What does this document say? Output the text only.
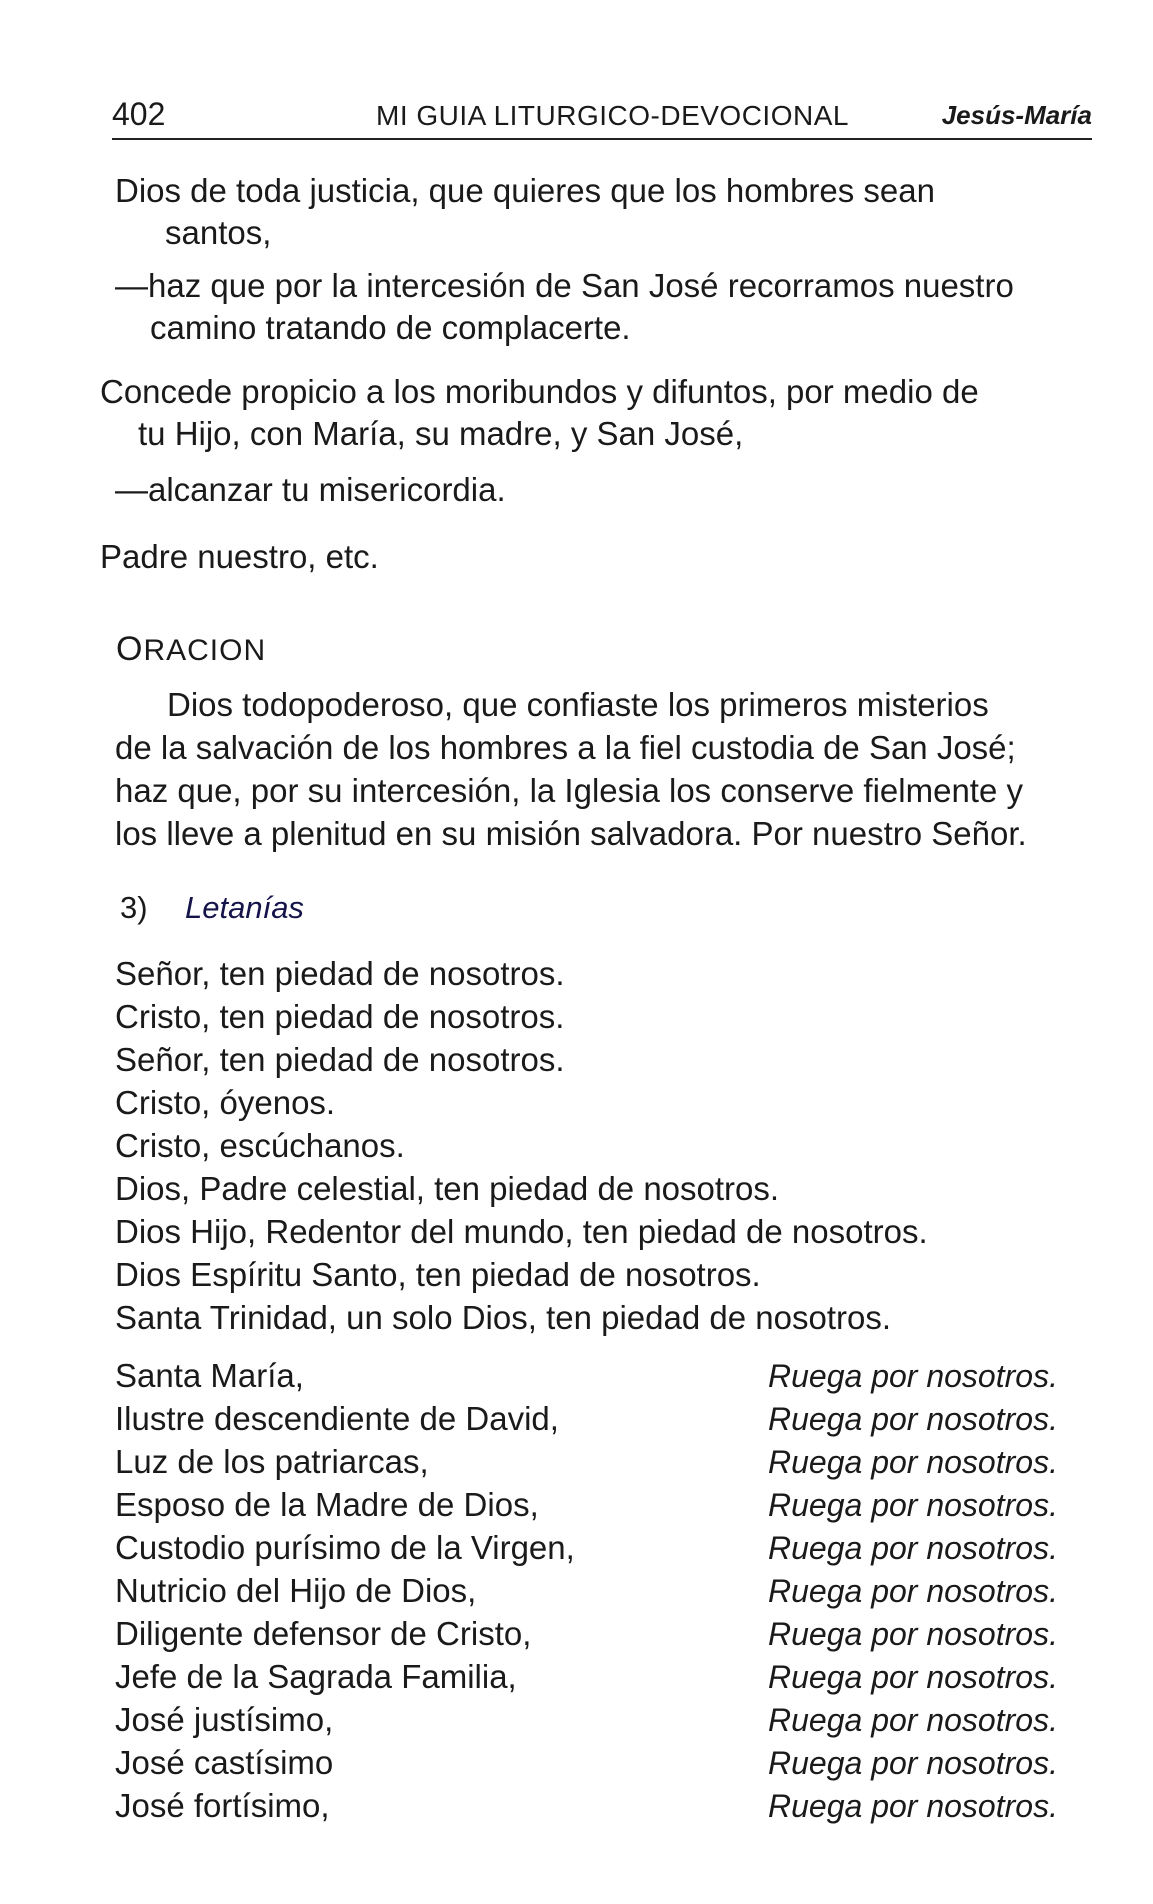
402	MI GUIA LITURGICO-DEVOCIONAL	Jesús-María
Dios de toda justicia, que quieres que los hombres sean
santos,
—haz que por la intercesión de San José recorramos nuestro
camino tratando de complacerte.
Concede propicio a los moribundos y difuntos, por medio de
tu Hijo, con María, su madre, y San José,
—alcanzar tu misericordia.
Padre nuestro, etc.
ORACION
Dios todopoderoso, que confiaste los primeros misterios
de la salvación de los hombres a la fiel custodia de San José;
haz que, por su intercesión, la Iglesia los conserve fielmente y
los lleve a plenitud en su misión salvadora. Por nuestro Señor.
3) Letanías
Señor, ten piedad de nosotros.
Cristo, ten piedad de nosotros.
Señor, ten piedad de nosotros.
Cristo, óyenos.
Cristo, escúchanos.
Dios, Padre celestial, ten piedad de nosotros.
Dios Hijo, Redentor del mundo, ten piedad de nosotros.
Dios Espíritu Santo, ten piedad de nosotros.
Santa Trinidad, un solo Dios, ten piedad de nosotros.
Santa María,	Ruega por nosotros.
Ilustre descendiente de David,	Ruega por nosotros.
Luz de los patriarcas,	Ruega por nosotros.
Esposo de la Madre de Dios,	Ruega por nosotros.
Custodio purísimo de la Virgen,	Ruega por nosotros.
Nutricio del Hijo de Dios,	Ruega por nosotros.
Diligente defensor de Cristo,	Ruega por nosotros.
Jefe de la Sagrada Familia,	Ruega por nosotros.
José justísimo,	Ruega por nosotros.
José castísimo	Ruega por nosotros.
José fortísimo,	Ruega por nosotros.
